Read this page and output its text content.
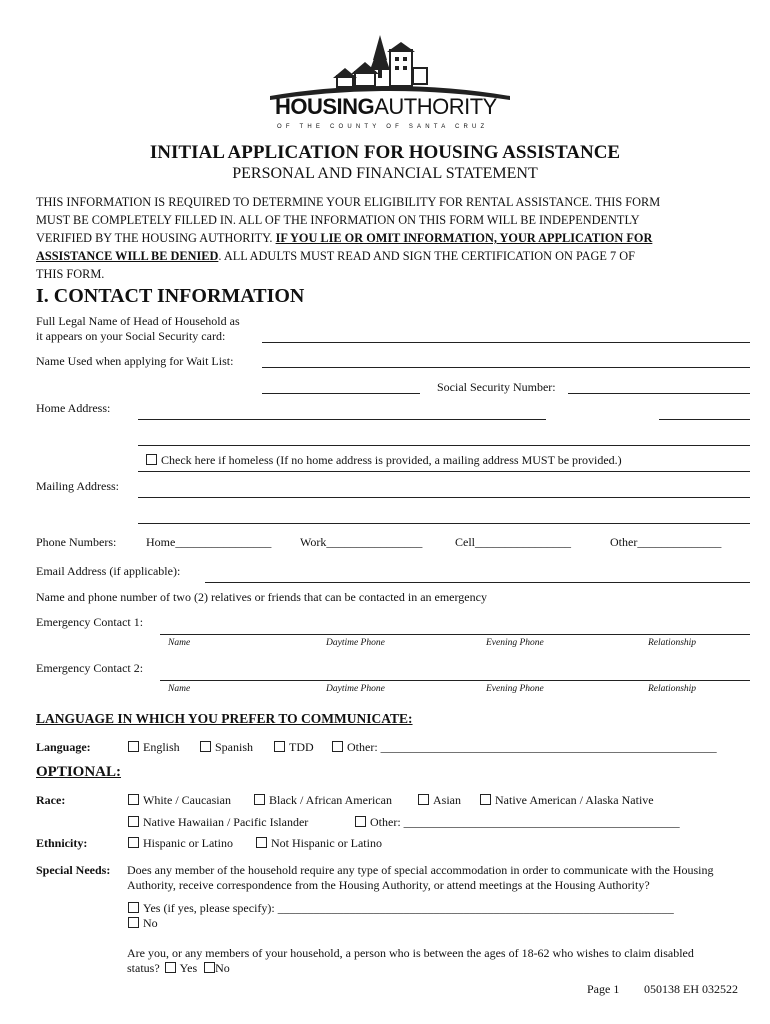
HOUSINGAUTHORITY
OF THE COUNTY OF SANTA CRUZ
INITIAL APPLICATION FOR HOUSING ASSISTANCE
PERSONAL AND FINANCIAL STATEMENT
THIS INFORMATION IS REQUIRED TO DETERMINE YOUR ELIGIBILITY FOR RENTAL ASSISTANCE. THIS FORM
MUST BE COMPLETELY FILLED IN. ALL OF THE INFORMATION ON THIS FORM WILL BE INDEPENDENTLY
VERIFIED BY THE HOUSING AUTHORITY. IF YOU LIE OR OMIT INFORMATION, YOUR APPLICATION FOR
ASSISTANCE WILL BE DENIED. ALL ADULTS MUST READ AND SIGN THE CERTIFICATION ON PAGE 7 OF
THIS FORM.
I. CONTACT INFORMATION
Full Legal Name of Head of Household as
it appears on your Social Security card:
Name Used when applying for Wait List:
Social Security Number:
Home Address:
Check here if homeless (If no home address is provided, a mailing address MUST be provided.)
Mailing Address:
Phone Numbers: Home________________ Work________________	Cell________________	Other______________
Email Address (if applicable):
Name and phone number of two (2) relatives or friends that can be contacted in an emergency
Emergency Contact 1:
Name	Daytime Phone	Evening Phone	Relationship
Emergency Contact 2:
Name	Daytime Phone	Evening Phone	Relationship
LANGUAGE IN WHICH YOU PREFER TO COMMUNICATE:
Language:	English	Spanish	TDD	Other: ________________________________________________________
OPTIONAL:
Race:	White / Caucasian	Black / African American	Asian	Native American / Alaska Native
Native Hawaiian / Pacific Islander	Other: ______________________________________________
Ethnicity:	Hispanic or Latino	Not Hispanic or Latino
Special Needs: Does any member of the household require any type of special accommodation in order to communicate with the Housing
Authority, receive correspondence from the Housing Authority, or attend meetings at the Housing Authority?
Yes (if yes, please specify): __________________________________________________________________
No
Are you, or any members of your household, a person who is between the ages of 18-62 who wishes to claim disabled
status? Yes No
Page 1 050138 EH 032522
